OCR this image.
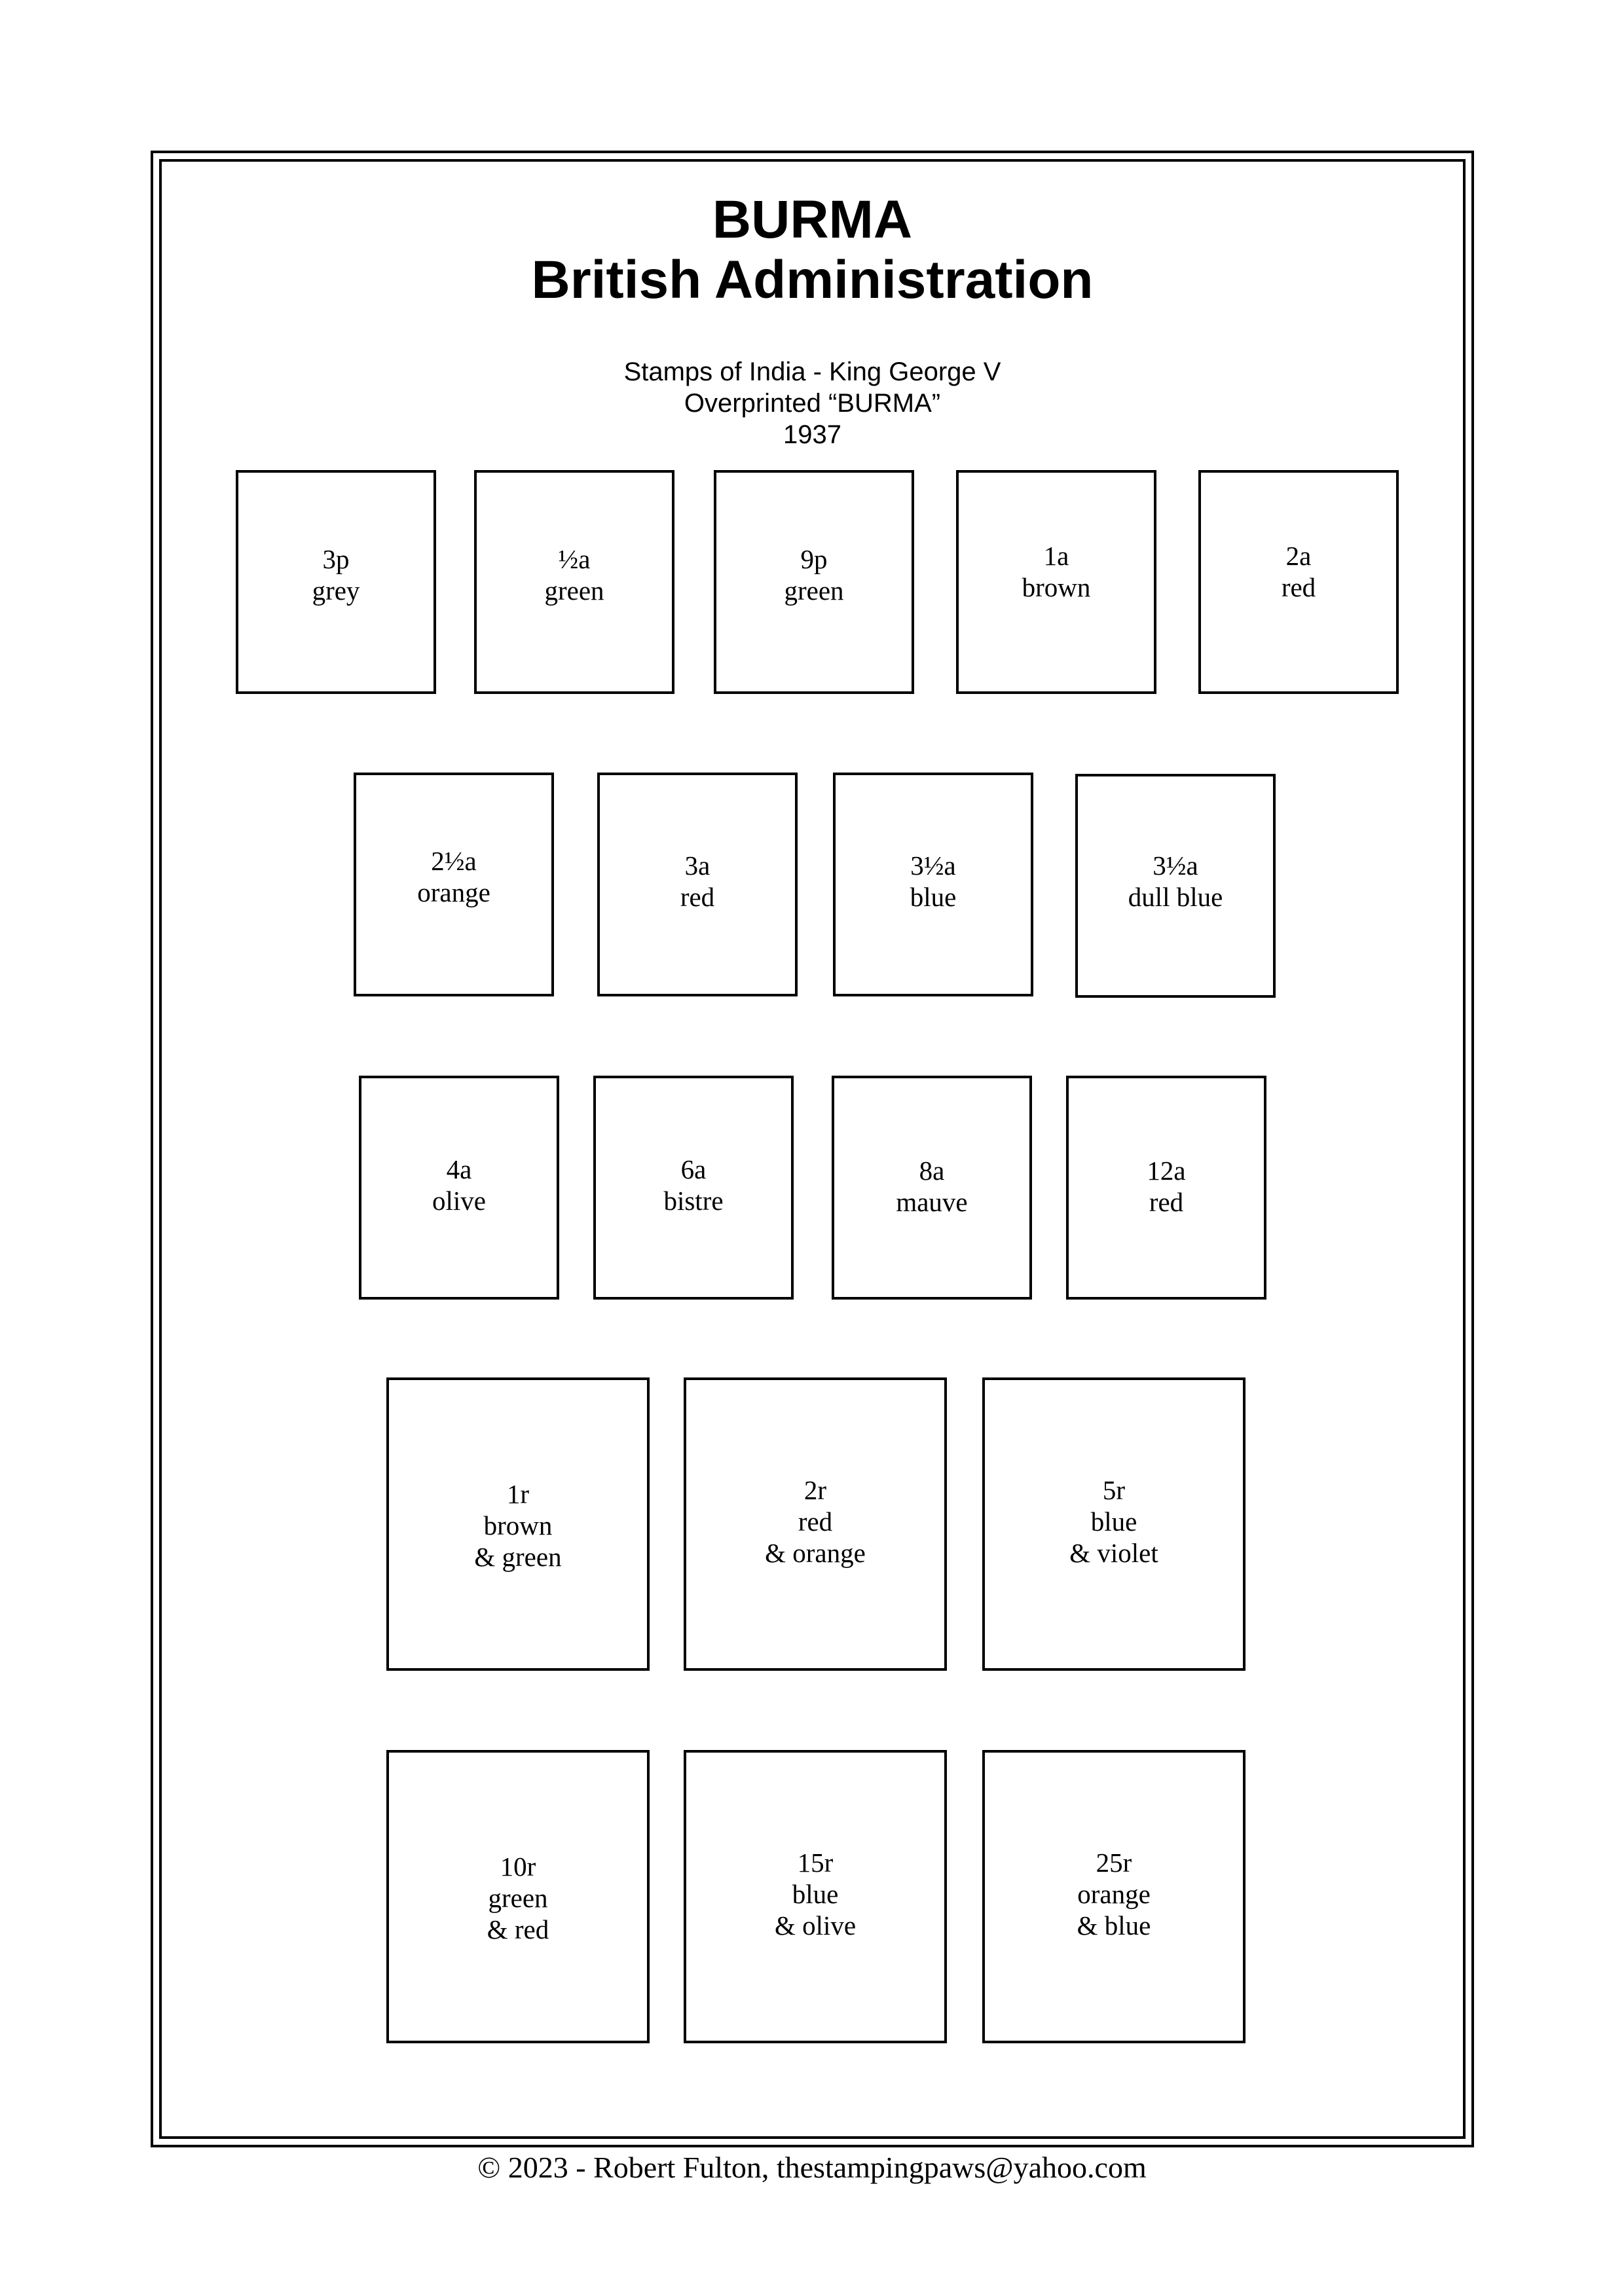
BURMA
British Administration
Stamps of India - King George V
Overprinted “BURMA”
1937
3p
grey
½a
green
9p
green
1a
brown
2a
red
2½a
orange
3a
red
3½a
blue
3½a
dull blue
4a
olive
6a
bistre
8a
mauve
12a
red
1r
brown
& green
2r
red
& orange
5r
blue
& violet
10r
green
& red
15r
blue
& olive
25r
orange
& blue
© 2023 - Robert Fulton, thestampingpaws@yahoo.com
